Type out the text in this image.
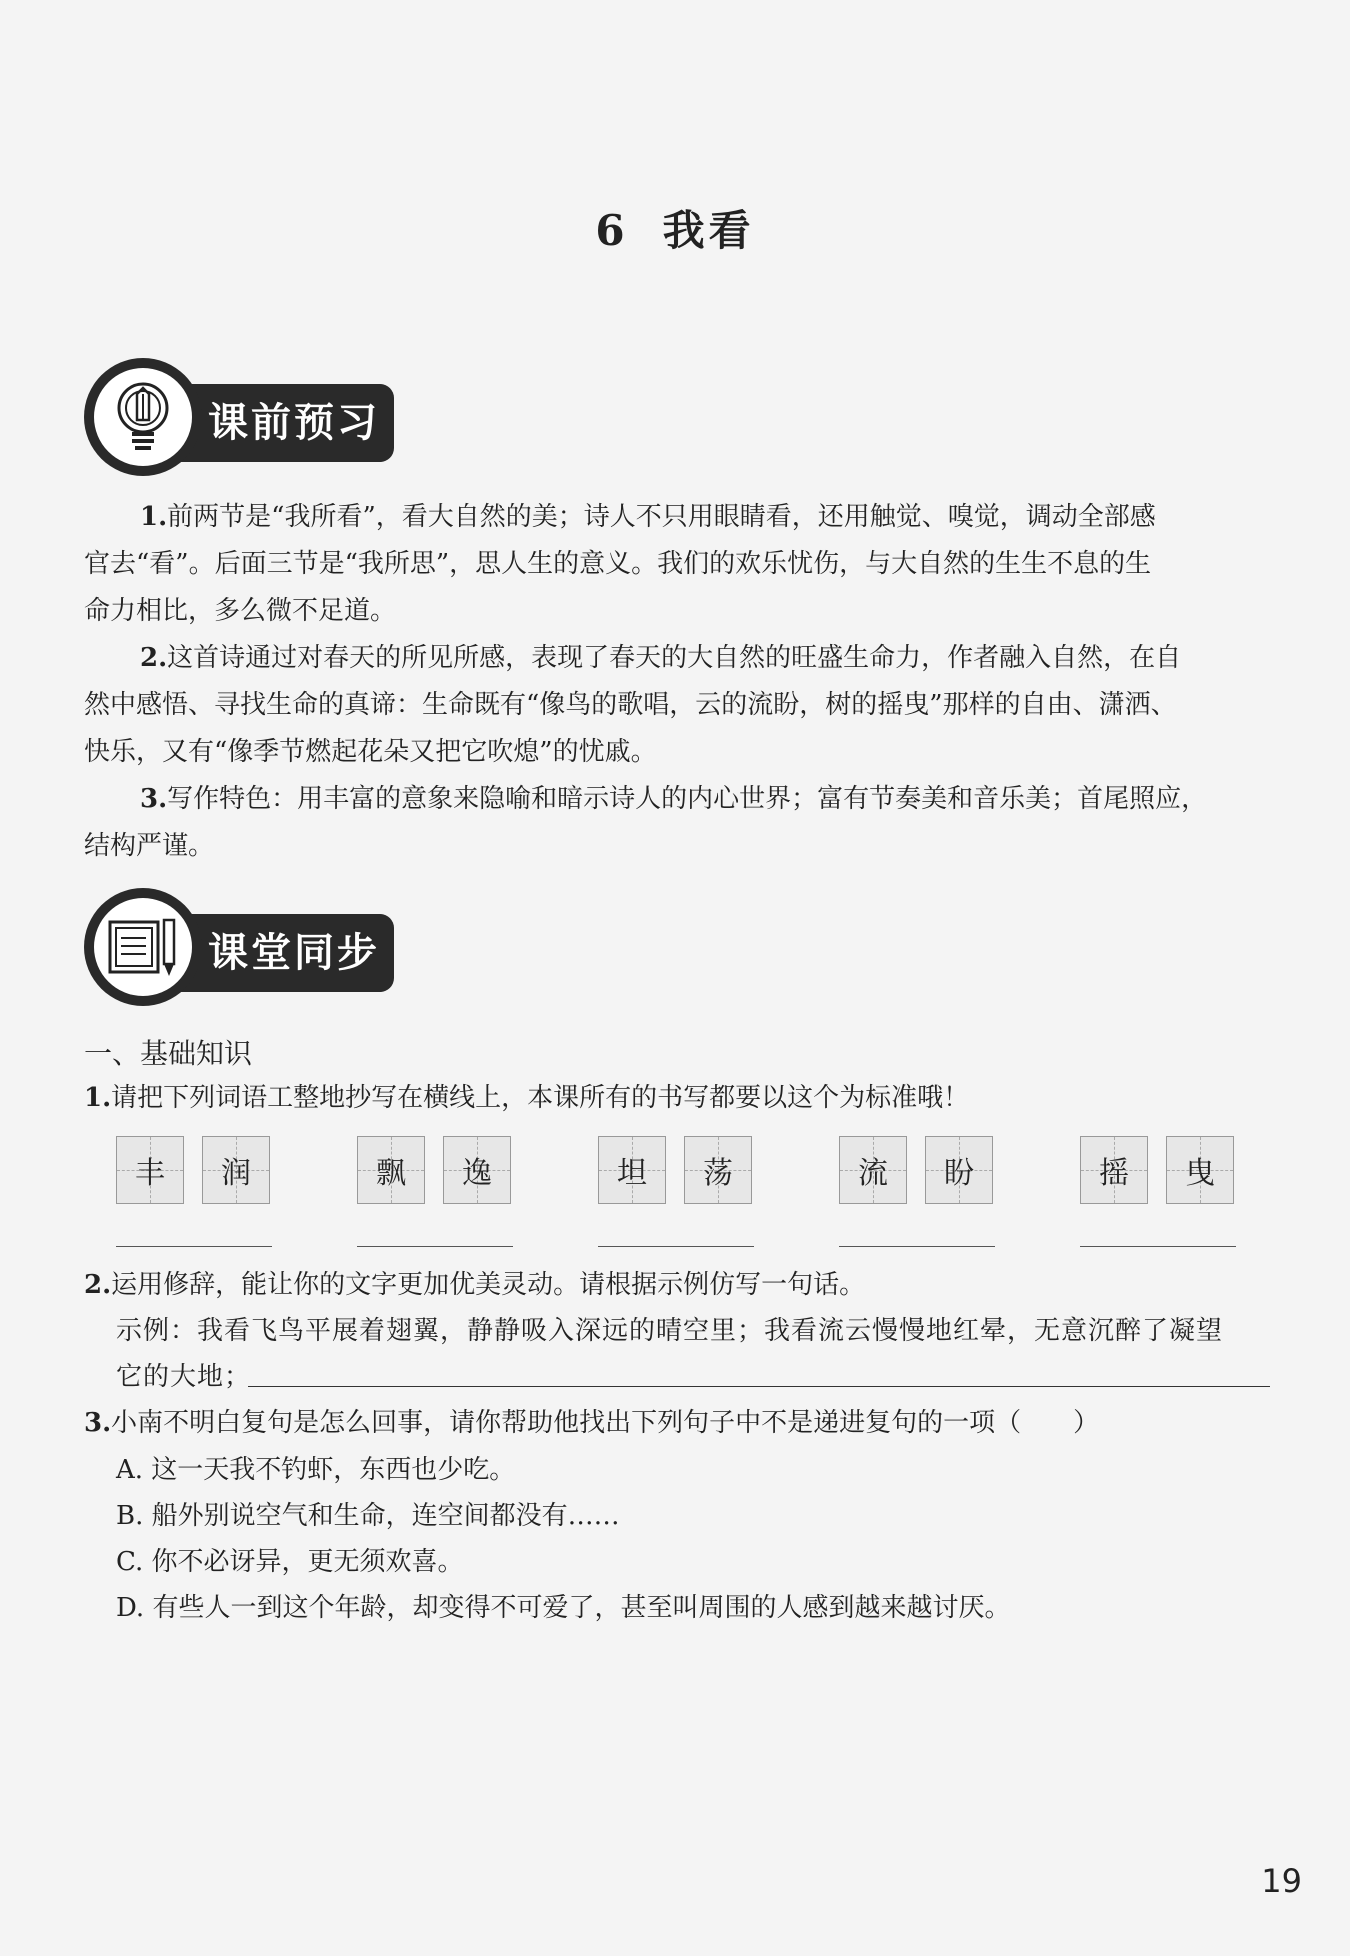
6 我看
课前预习
1.前两节是“我所看”，看大自然的美；诗人不只用眼睛看，还用触觉、嗅觉，调动全部感
官去“看”。后面三节是“我所思”，思人生的意义。我们的欢乐忧伤，与大自然的生生不息的生
命力相比，多么微不足道。
2.这首诗通过对春天的所见所感，表现了春天的大自然的旺盛生命力，作者融入自然，在自
然中感悟、寻找生命的真谛：生命既有“像鸟的歌唱，云的流盼，树的摇曳”那样的自由、潇洒、
快乐，又有“像季节燃起花朵又把它吹熄”的忧戚。
3.写作特色：用丰富的意象来隐喻和暗示诗人的内心世界；富有节奏美和音乐美；首尾照应，
结构严谨。
课堂同步
一、基础知识
1.请把下列词语工整地抄写在横线上，本课所有的书写都要以这个为标准哦！
丰 润	飘 逸	坦 荡	流 盼	摇 曳
2.运用修辞，能让你的文字更加优美灵动。请根据示例仿写一句话。
示例：我看飞鸟平展着翅翼，静静吸入深远的晴空里；我看流云慢慢地红晕，无意沉醉了凝望
它的大地；
3.小南不明白复句是怎么回事，请你帮助他找出下列句子中不是递进复句的一项（　　）
A. 这一天我不钓虾，东西也少吃。
B. 船外别说空气和生命，连空间都没有……
C. 你不必讶异，更无须欢喜。
D. 有些人一到这个年龄，却变得不可爱了，甚至叫周围的人感到越来越讨厌。
19
